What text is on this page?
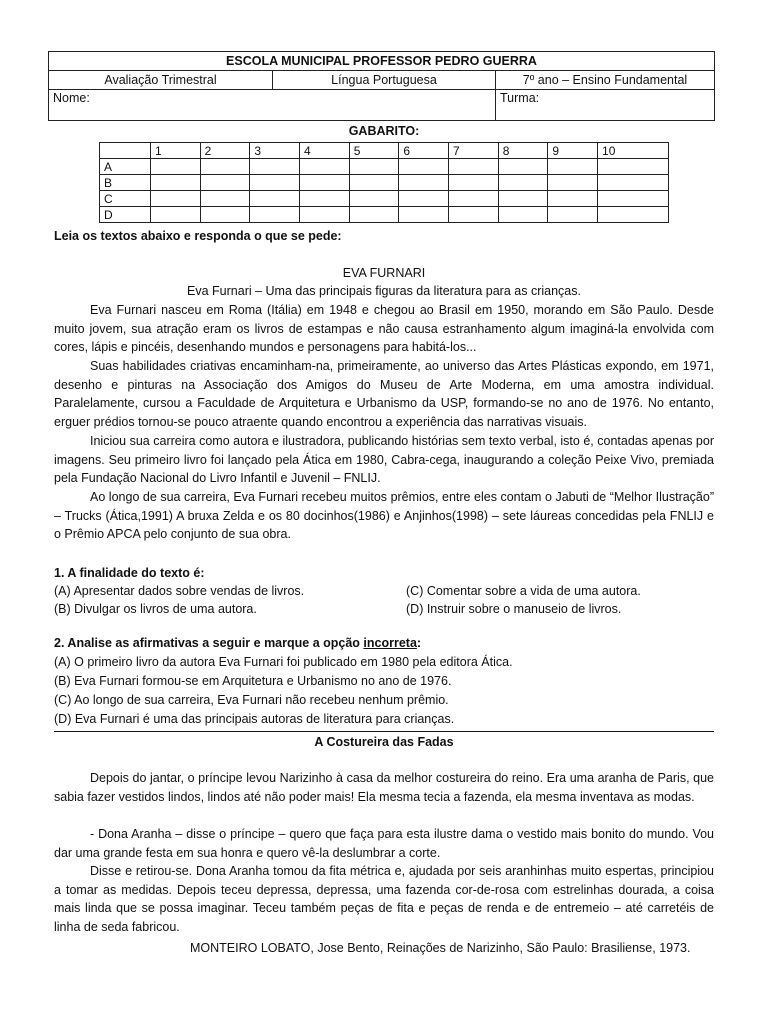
ESCOLA MUNICIPAL PROFESSOR PEDRO GUERRA		
Avaliação Trimestral	Língua Portuguesa	7º ano – Ensino Fundamental
Nome:		Turma:
GABARITO:
	1	2	3	4	5	6	7	8	9	10
A										
B										
C										
D										

Leia os textos abaixo e responda o que se pede:

EVA FURNARI

Eva Furnari – Uma das principais figuras da literatura para as crianças.

Eva Furnari nasceu em Roma (Itália) em 1948 e chegou ao Brasil em 1950, morando em São Paulo. Desde muito jovem, sua atração eram os livros de estampas e não causa estranhamento algum imaginá-la envolvida com cores, lápis e pincéis, desenhando mundos e personagens para habitá-los...

Suas habilidades criativas encaminham-na, primeiramente, ao universo das Artes Plásticas expondo, em 1971, desenho e pinturas na Associação dos Amigos do Museu de Arte Moderna, em uma amostra individual. Paralelamente, cursou a Faculdade de Arquitetura e Urbanismo da USP, formando-se no ano de 1976. No entanto, erguer prédios tornou-se pouco atraente quando encontrou a experiência das narrativas visuais.

Iniciou sua carreira como autora e ilustradora, publicando histórias sem texto verbal, isto é, contadas apenas por imagens. Seu primeiro livro foi lançado pela Ática em 1980, Cabra-cega, inaugurando a coleção Peixe Vivo, premiada pela Fundação Nacional do Livro Infantil e Juvenil – FNLIJ.

Ao longo de sua carreira, Eva Furnari recebeu muitos prêmios, entre eles contam o Jabuti de “Melhor Ilustração” – Trucks (Ática,1991) A bruxa Zelda e os 80 docinhos(1986) e Anjinhos(1998) – sete láureas concedidas pela FNLIJ e o Prêmio APCA pelo conjunto de sua obra.

1. A finalidade do texto é:
(A) Apresentar dados sobre vendas de livros.
(B) Divulgar os livros de uma autora.
(C) Comentar sobre a vida de uma autora.
(D) Instruir sobre o manuseio de livros.
2. Analise as afirmativas a seguir e marque a opção incorreta:
(A) O primeiro livro da autora Eva Furnari foi publicado em 1980 pela editora Ática.
(B) Eva Furnari formou-se em Arquitetura e Urbanismo no ano de 1976.
(C) Ao longo de sua carreira, Eva Furnari não recebeu nenhum prêmio.
(D) Eva Furnari é uma das principais autoras de literatura para crianças.

A Costureira das Fadas

Depois do jantar, o príncipe levou Narizinho à casa da melhor costureira do reino. Era uma aranha de Paris, que sabia fazer vestidos lindos, lindos até não poder mais! Ela mesma tecia a fazenda, ela mesma inventava as modas.

- Dona Aranha – disse o príncipe – quero que faça para esta ilustre dama o vestido mais bonito do mundo. Vou dar uma grande festa em sua honra e quero vê-la deslumbrar a corte.

Disse e retirou-se. Dona Aranha tomou da fita métrica e, ajudada por seis aranhinhas muito espertas, principiou a tomar as medidas. Depois teceu depressa, depressa, uma fazenda cor-de-rosa com estrelinhas dourada, a coisa mais linda que se possa imaginar. Teceu também peças de fita e peças de renda e de entremeio – até carretéis de linha de seda fabricou.

MONTEIRO LOBATO, Jose Bento, Reinações de Narizinho, São Paulo: Brasiliense, 1973.
